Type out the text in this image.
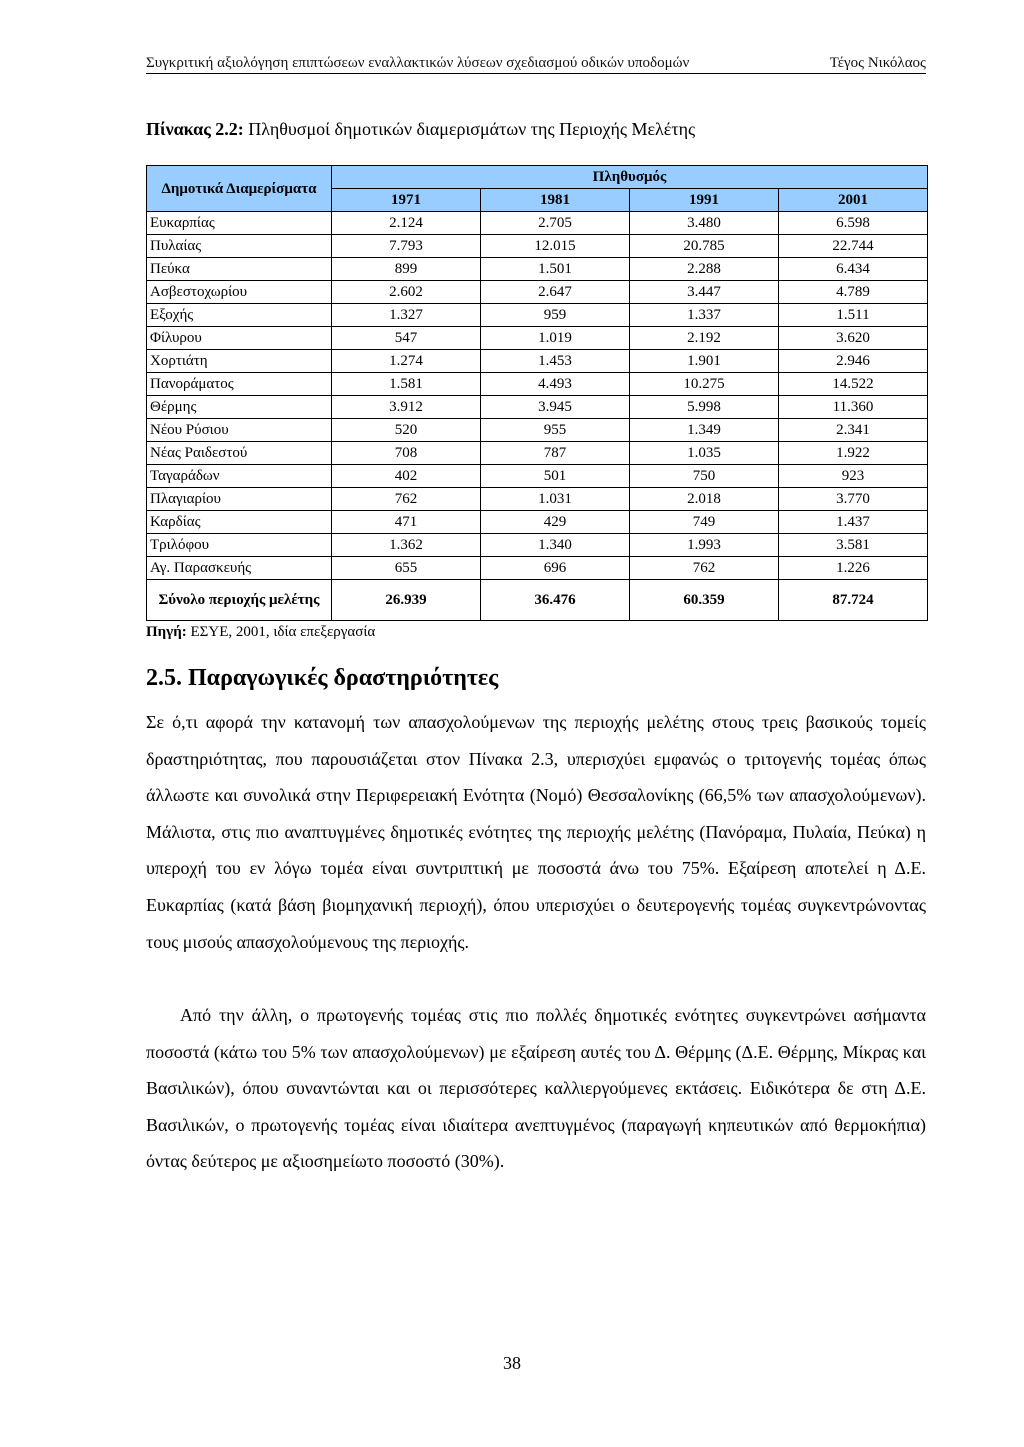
Συγκριτική αξιολόγηση επιπτώσεων εναλλακτικών λύσεων σχεδιασμού οδικών υποδομών	Τέγος Νικόλαος
Πίνακας 2.2: Πληθυσμοί δημοτικών διαμερισμάτων της Περιοχής Μελέτης
Δημοτικά Διαμερίσματα	Πληθυσμός			
	1971	1981	1991	2001
Ευκαρπίας	2.124	2.705	3.480	6.598
Πυλαίας	7.793	12.015	20.785	22.744
Πεύκα	899	1.501	2.288	6.434
Ασβεστοχωρίου	2.602	2.647	3.447	4.789
Εξοχής	1.327	959	1.337	1.511
Φίλυρου	547	1.019	2.192	3.620
Χορτιάτη	1.274	1.453	1.901	2.946
Πανοράματος	1.581	4.493	10.275	14.522
Θέρμης	3.912	3.945	5.998	11.360
Νέου Ρύσιου	520	955	1.349	2.341
Νέας Ραιδεστού	708	787	1.035	1.922
Ταγαράδων	402	501	750	923
Πλαγιαρίου	762	1.031	2.018	3.770
Καρδίας	471	429	749	1.437
Τριλόφου	1.362	1.340	1.993	3.581
Αγ. Παρασκευής	655	696	762	1.226
Σύνολο περιοχής μελέτης	26.939	36.476	60.359	87.724
Πηγή: ΕΣΥΕ, 2001, ιδία επεξεργασία
2.5. Παραγωγικές δραστηριότητες
Σε ό,τι αφορά την κατανομή των απασχολούμενων της περιοχής μελέτης στους τρεις βασικούς τομείς δραστηριότητας, που παρουσιάζεται στον Πίνακα 2.3, υπερισχύει εμφανώς ο τριτογενής τομέας όπως άλλωστε και συνολικά στην Περιφερειακή Ενότητα (Νομό) Θεσσαλονίκης (66,5% των απασχολούμενων). Μάλιστα, στις πιο αναπτυγμένες δημοτικές ενότητες της περιοχής μελέτης (Πανόραμα, Πυλαία, Πεύκα) η υπεροχή του εν λόγω τομέα είναι συντριπτική με ποσοστά άνω του 75%. Εξαίρεση αποτελεί η Δ.Ε. Ευκαρπίας (κατά βάση βιομηχανική περιοχή), όπου υπερισχύει ο δευτερογενής τομέας συγκεντρώνοντας τους μισούς απασχολούμενους της περιοχής.
Από την άλλη, ο πρωτογενής τομέας στις πιο πολλές δημοτικές ενότητες συγκεντρώνει ασήμαντα ποσοστά (κάτω του 5% των απασχολούμενων) με εξαίρεση αυτές του Δ. Θέρμης (Δ.Ε. Θέρμης, Μίκρας και Βασιλικών), όπου συναντώνται και οι περισσότερες καλλιεργούμενες εκτάσεις. Ειδικότερα δε στη Δ.Ε. Βασιλικών, ο πρωτογενής τομέας είναι ιδιαίτερα ανεπτυγμένος (παραγωγή κηπευτικών από θερμοκήπια) όντας δεύτερος με αξιοσημείωτο ποσοστό (30%).
38
